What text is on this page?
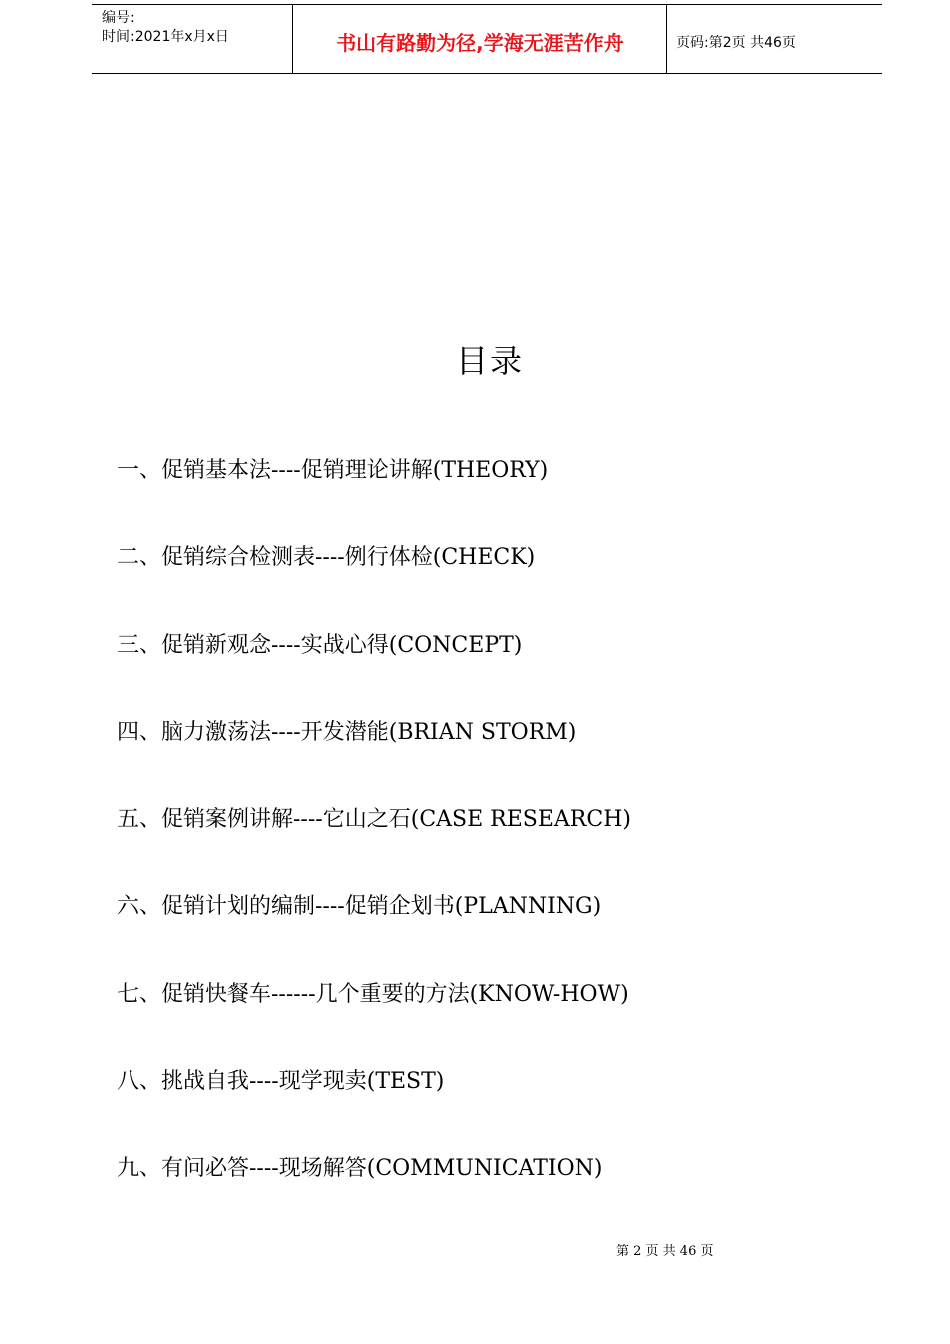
编号:
时间:2021年x月x日	书山有路勤为径,学海无涯苦作舟	页码:第2页 共46页
目录
一、促销基本法----促销理论讲解(THEORY)
二、促销综合检测表----例行体检(CHECK)
三、促销新观念----实战心得(CONCEPT)
四、脑力激荡法----开发潜能(BRIAN STORM)
五、促销案例讲解----它山之石(CASE RESEARCH)
六、促销计划的编制----促销企划书(PLANNING)
七、促销快餐车------几个重要的方法(KNOW-HOW)
八、挑战自我----现学现卖(TEST)
九、有问必答----现场解答(COMMUNICATION)
第 2 页 共 46 页
